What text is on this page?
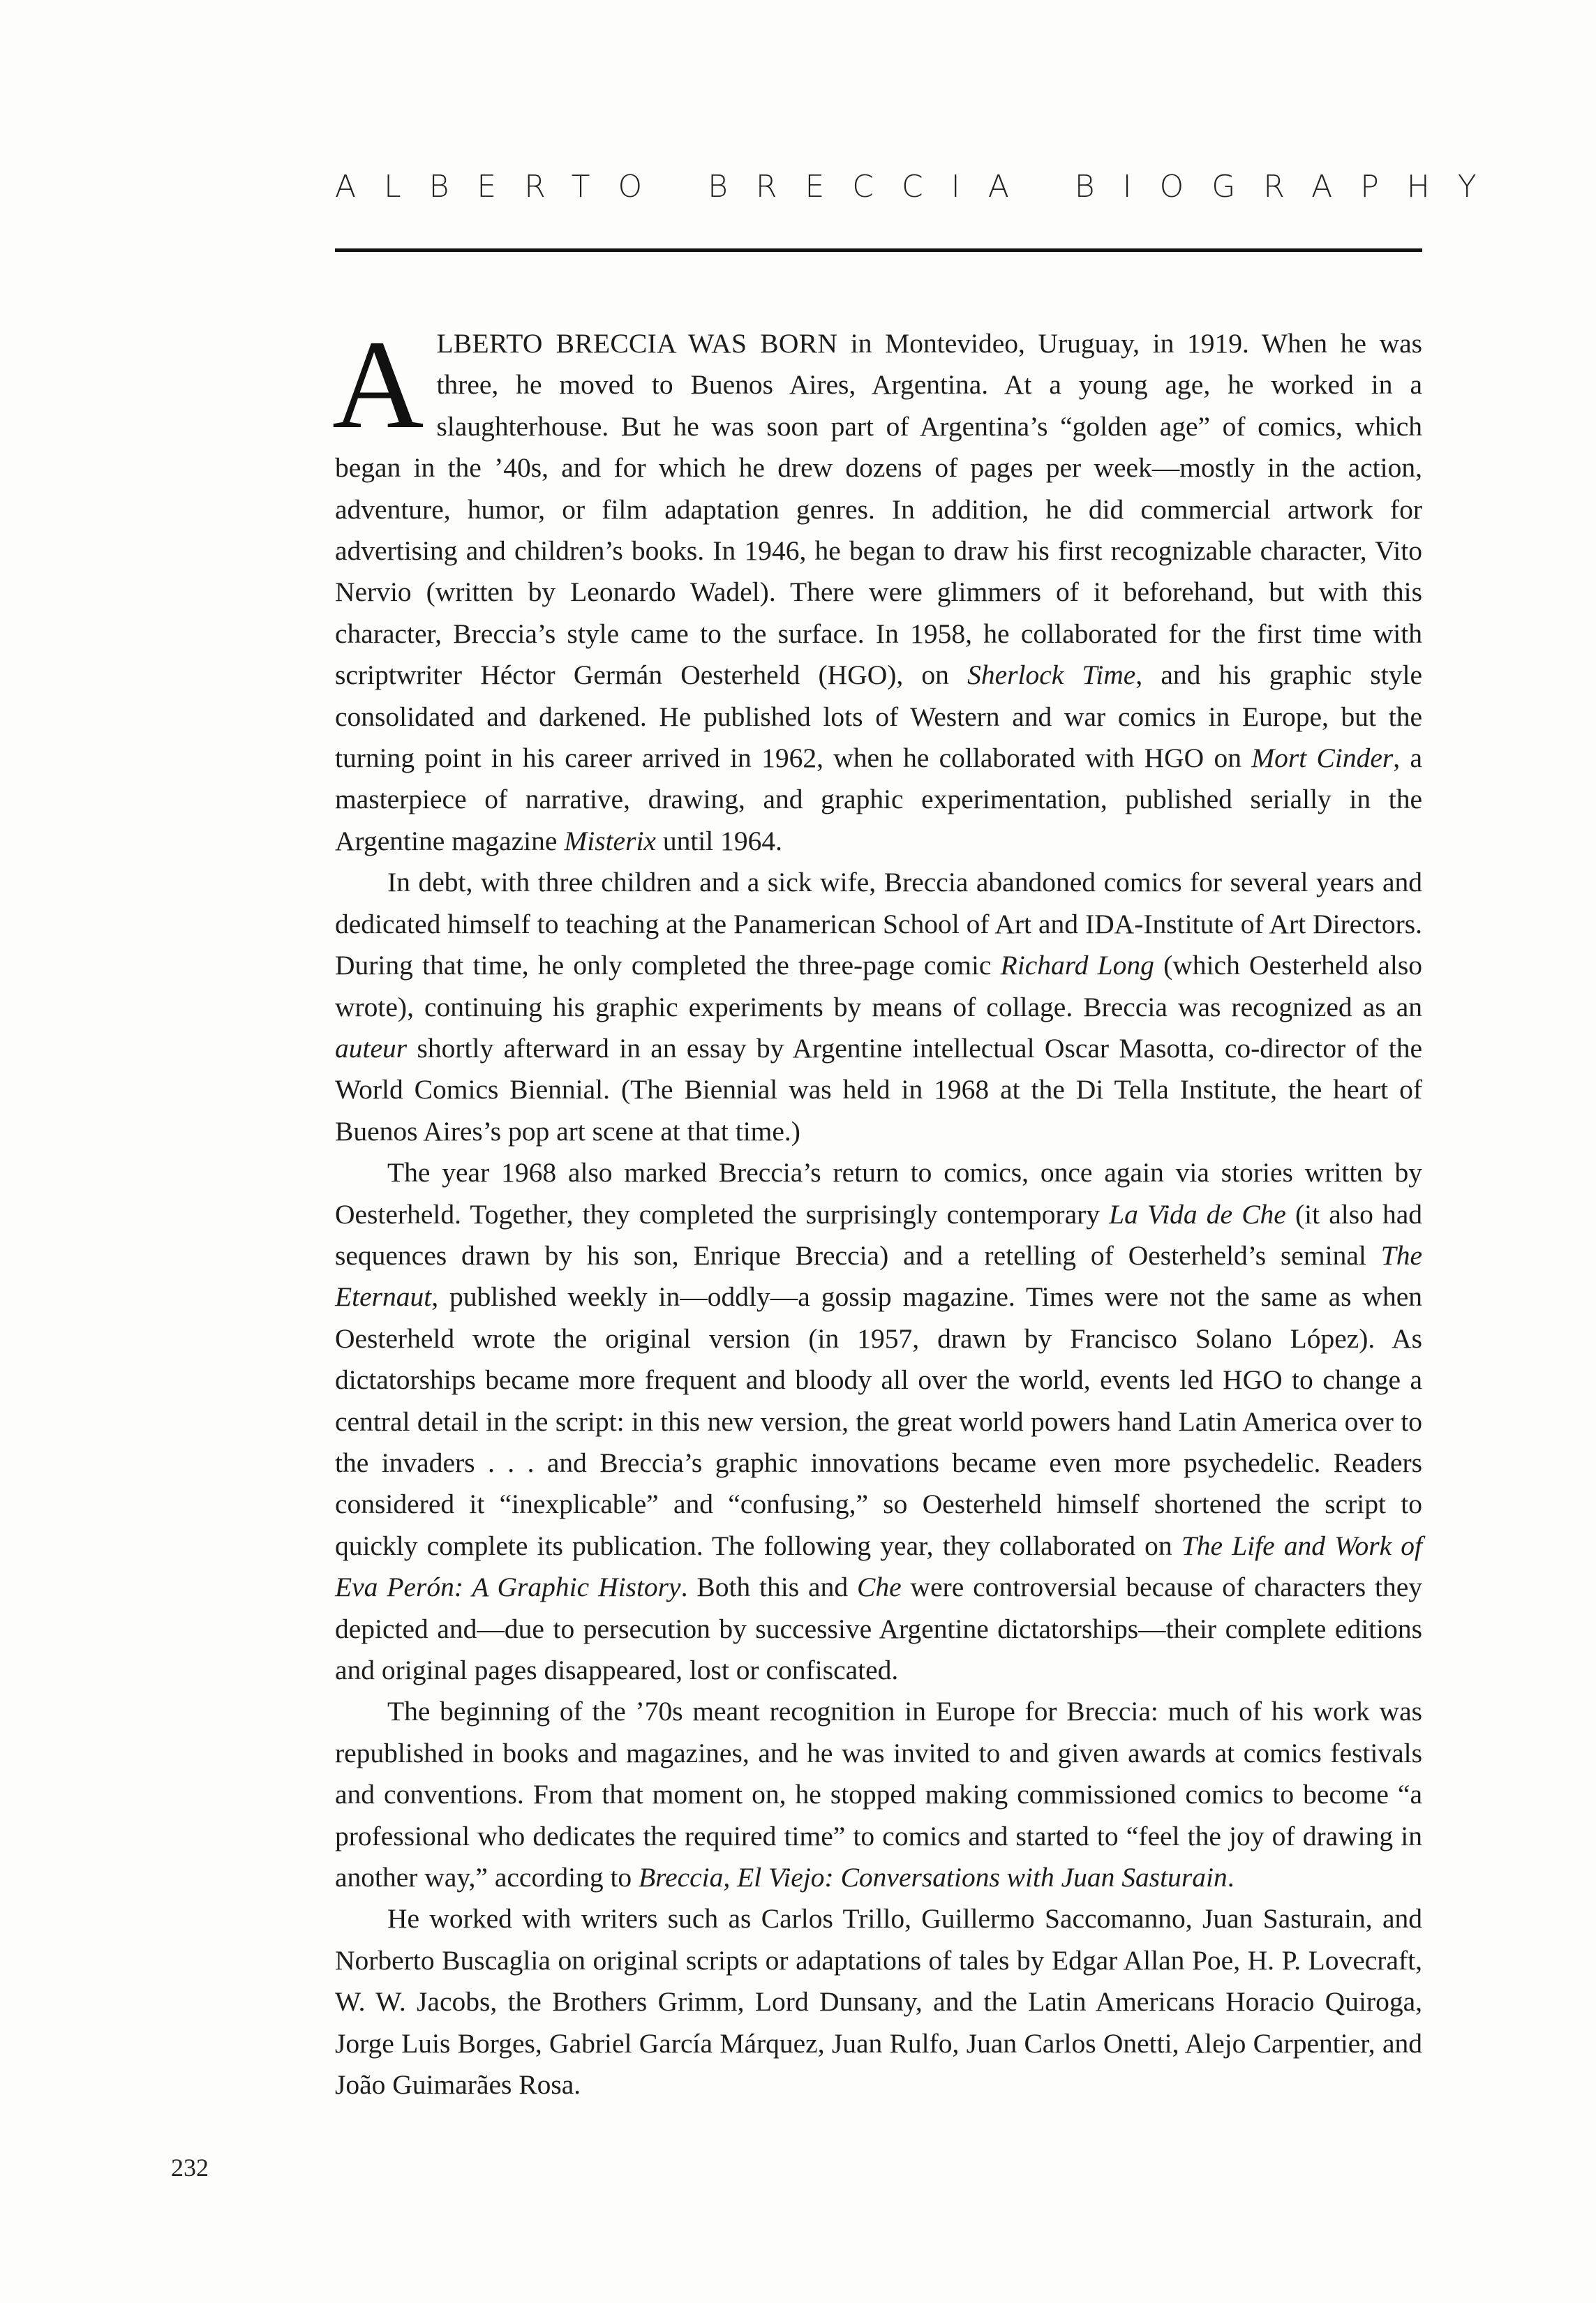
ALBERTO BRECCIA BIOGRAPHY

ALBERTO BRECCIA WAS BORN in Montevideo, Uruguay, in 1919. When he was three, he moved to Buenos Aires, Argentina. At a young age, he worked in a slaughterhouse. But he was soon part of Argentina’s “golden age” of comics, which began in the ’40s, and for which he drew dozens of pages per week—mostly in the action, adventure, humor, or film adaptation genres. In addition, he did commercial artwork for advertising and children’s books. In 1946, he began to draw his first recognizable character, Vito Nervio (written by Leonardo Wadel). There were glimmers of it beforehand, but with this character, Breccia’s style came to the surface. In 1958, he collaborated for the first time with scriptwriter Héctor Germán Oesterheld (HGO), on Sherlock Time, and his graphic style consolidated and darkened. He published lots of Western and war comics in Europe, but the turning point in his career arrived in 1962, when he collaborated with HGO on Mort Cinder, a masterpiece of narrative, drawing, and graphic experimentation, published serially in the Argentine magazine Misterix until 1964.

In debt, with three children and a sick wife, Breccia abandoned comics for several years and dedicated himself to teaching at the Panamerican School of Art and IDA-Institute of Art Directors. During that time, he only completed the three-page comic Richard Long (which Oesterheld also wrote), continuing his graphic experiments by means of collage. Breccia was recognized as an auteur shortly afterward in an essay by Argentine intellectual Oscar Masotta, co-director of the World Comics Biennial. (The Biennial was held in 1968 at the Di Tella Institute, the heart of Buenos Aires’s pop art scene at that time.)

The year 1968 also marked Breccia’s return to comics, once again via stories written by Oesterheld. Together, they completed the surprisingly contemporary La Vida de Che (it also had sequences drawn by his son, Enrique Breccia) and a retelling of Oesterheld’s seminal The Eternaut, published weekly in—oddly—a gossip magazine. Times were not the same as when Oesterheld wrote the original version (in 1957, drawn by Francisco Solano López). As dictatorships became more frequent and bloody all over the world, events led HGO to change a central detail in the script: in this new version, the great world powers hand Latin America over to the invaders . . . and Breccia’s graphic innovations became even more psychedelic. Readers considered it “inexplicable” and “confusing,” so Oesterheld himself shortened the script to quickly complete its publication. The following year, they collaborated on The Life and Work of Eva Perón: A Graphic History. Both this and Che were controversial because of characters they depicted and—due to persecution by successive Argentine dictatorships—their complete editions and original pages disappeared, lost or confiscated.

The beginning of the ’70s meant recognition in Europe for Breccia: much of his work was republished in books and magazines, and he was invited to and given awards at comics festivals and conventions. From that moment on, he stopped making commissioned comics to become “a professional who dedicates the required time” to comics and started to “feel the joy of drawing in another way,” according to Breccia, El Viejo: Conversations with Juan Sasturain.

He worked with writers such as Carlos Trillo, Guillermo Saccomanno, Juan Sasturain, and Norberto Buscaglia on original scripts or adaptations of tales by Edgar Allan Poe, H. P. Lovecraft, W. W. Jacobs, the Brothers Grimm, Lord Dunsany, and the Latin Americans Horacio Quiroga, Jorge Luis Borges, Gabriel García Márquez, Juan Rulfo, Juan Carlos Onetti, Alejo Carpentier, and João Guimarães Rosa.

232
